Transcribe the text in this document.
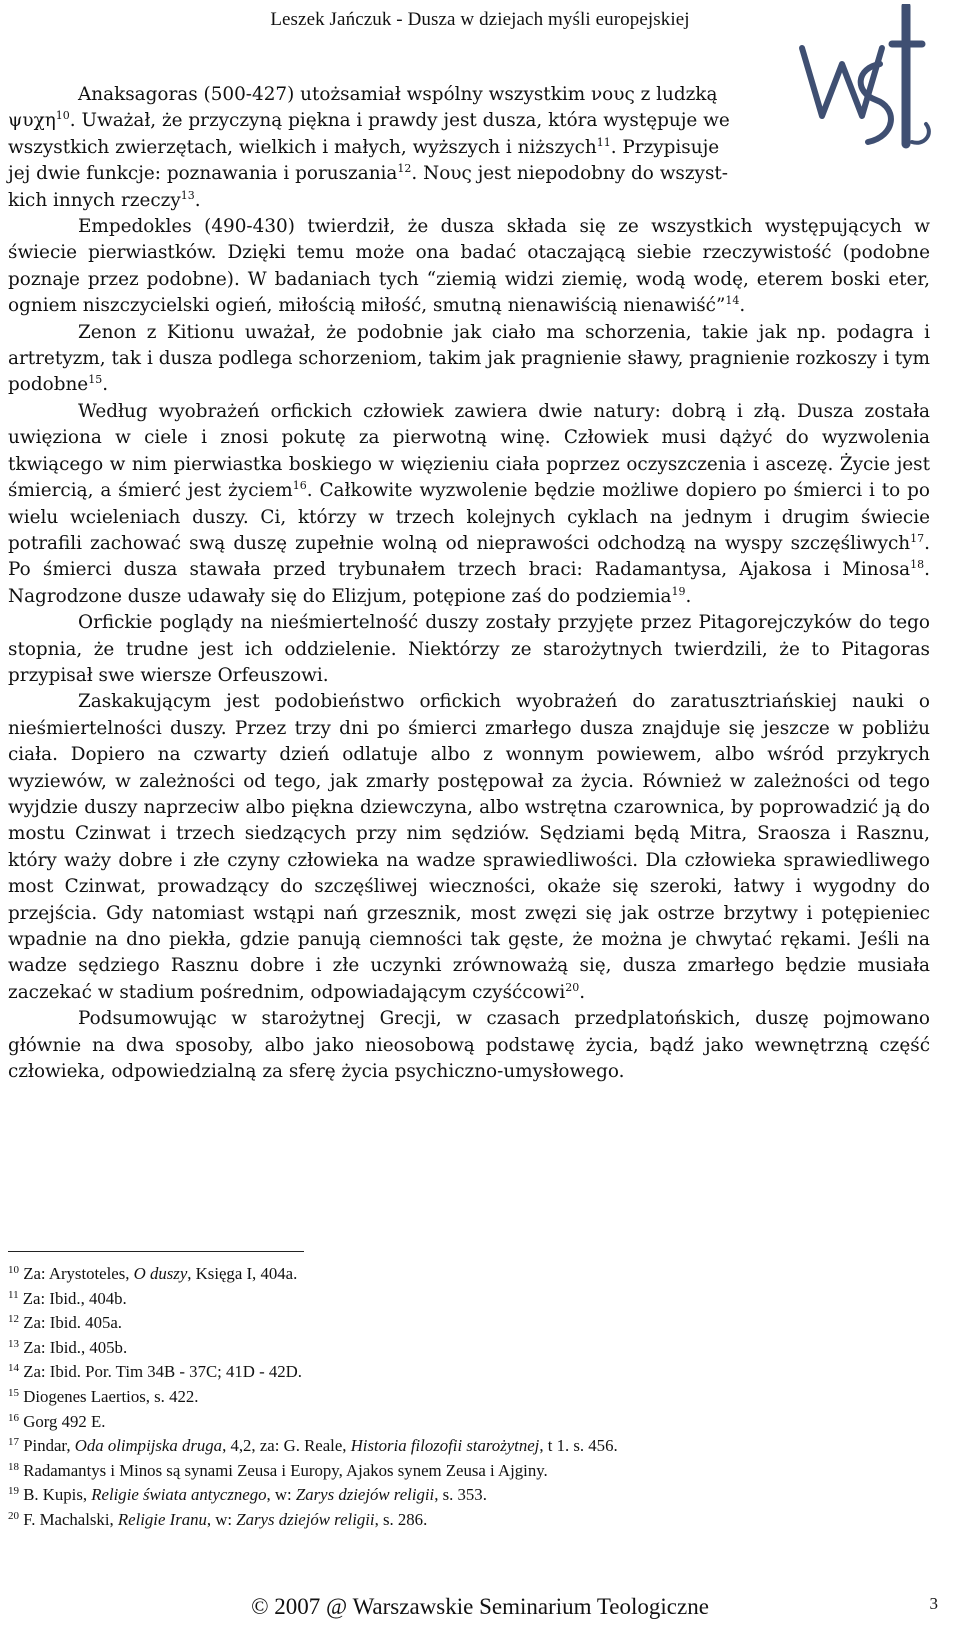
Leszek Jańczuk - Dusza w dziejach myśli europejskiej

Anaksagoras (500-427) utożsamiał wspólny wszystkim νους z ludzką

ψυχη$^{10}$. Uważał, że przyczyną piękna i prawdy jest dusza, która występuje we
wszystkich zwierzętach, wielkich i małych, wyższych i niższych$^{11}$. Przypisuje
jej dwie funkcje: poznawania i poruszania$^{12}$. Νους jest niepodobny do wszyst-
kich innych rzeczy$^{13}$.

Empedokles (490-430) twierdził, że dusza składa się ze wszystkich występujących w świecie pierwiastków. Dzięki temu może ona badać otaczającą siebie rzeczywistość (podobne poznaje przez podobne). W badaniach tych “ziemią widzi ziemię, wodą wodę, eterem boski eter, ogniem niszczycielski ogień, miłością miłość, smutną nienawiścią nienawiść”$^{14}$.

Zenon z Kitionu uważał, że podobnie jak ciało ma schorzenia, takie jak np. podagra i artretyzm, tak i dusza podlega schorzeniom, takim jak pragnienie sławy, pragnienie rozkoszy i tym podobne$^{15}$.

Według wyobrażeń orfickich człowiek zawiera dwie natury: dobrą i złą. Dusza została uwięziona w ciele i znosi pokutę za pierwotną winę. Człowiek musi dążyć do wyzwolenia tkwiącego w nim pierwiastka boskiego w więzieniu ciała poprzez oczyszczenia i ascezę. Życie jest śmiercią, a śmierć jest życiem$^{16}$. Całkowite wyzwolenie będzie możliwe dopiero po śmierci i to po wielu wcieleniach duszy. Ci, którzy w trzech kolejnych cyklach na jednym i drugim świecie potrafili zachować swą duszę zupełnie wolną od nieprawości odchodzą na wyspy szczęśliwych$^{17}$. Po śmierci dusza stawała przed trybunałem trzech braci: Radamantysa, Ajakosa i Minosa$^{18}$. Nagrodzone dusze udawały się do Elizjum, potępione zaś do podziemia$^{19}$.

Orfickie poglądy na nieśmiertelność duszy zostały przyjęte przez Pitagorejczyków do tego stopnia, że trudne jest ich oddzielenie. Niektórzy ze starożytnych twierdzili, że to Pitagoras przypisał swe wiersze Orfeuszowi.

Zaskakującym jest podobieństwo orfickich wyobrażeń do zaratusztriańskiej nauki o nieśmiertelności duszy. Przez trzy dni po śmierci zmarłego dusza znajduje się jeszcze w pobliżu ciała. Dopiero na czwarty dzień odlatuje albo z wonnym powiewem, albo wśród przykrych wyziewów, w zależności od tego, jak zmarły postępował za życia. Również w zależności od tego wyjdzie duszy naprzeciw albo piękna dziewczyna, albo wstrętna czarownica, by poprowadzić ją do mostu Czinwat i trzech siedzących przy nim sędziów. Sędziami będą Mitra, Sraosza i Rasznu, który waży dobre i złe czyny człowieka na wadze sprawiedliwości. Dla człowieka sprawiedliwego most Czinwat, prowadzący do szczęśliwej wieczności, okaże się szeroki, łatwy i wygodny do przejścia. Gdy natomiast wstąpi nań grzesznik, most zwęzi się jak ostrze brzytwy i potępieniec wpadnie na dno piekła, gdzie panują ciemności tak gęste, że można je chwytać rękami. Jeśli na wadze sędziego Rasznu dobre i złe uczynki zrównoważą się, dusza zmarłego będzie musiała zaczekać w stadium pośrednim, odpowiadającym czyśćcowi$^{20}$.

Podsumowując w starożytnej Grecji, w czasach przedplatońskich, duszę pojmowano głównie na dwa sposoby, albo jako nieosobową podstawę życia, bądź jako wewnętrzną część człowieka, odpowiedzialną za sferę życia psychiczno-umysłowego.

$^{10}$ Za: Arystoteles, O duszy, Księga I, 404a.
$^{11}$ Za: Ibid., 404b.
$^{12}$ Za: Ibid. 405a.
$^{13}$ Za: Ibid., 405b.
$^{14}$ Za: Ibid. Por. Tim 34B - 37C; 41D - 42D.
$^{15}$ Diogenes Laertios, s. 422.
$^{16}$ Gorg 492 E.
$^{17}$ Pindar, Oda olimpijska druga, 4,2, za: G. Reale, Historia filozofii starożytnej, t 1. s. 456.
$^{18}$ Radamantys i Minos są synami Zeusa i Europy, Ajakos synem Zeusa i Ajginy.
$^{19}$ B. Kupis, Religie świata antycznego, w: Zarys dziejów religii, s. 353.
$^{20}$ F. Machalski, Religie Iranu, w: Zarys dziejów religii, s. 286.
© 2007 @ Warszawskie Seminarium Teologiczne	3
